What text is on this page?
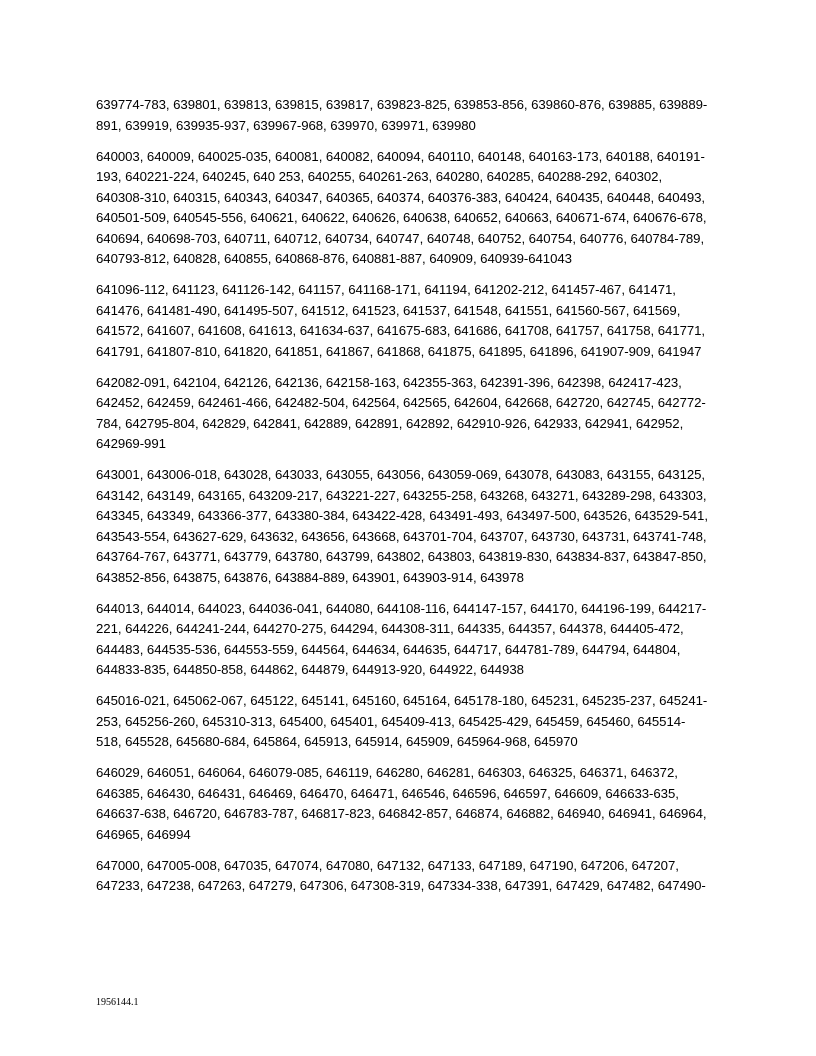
639774-783, 639801, 639813, 639815, 639817, 639823-825, 639853-856, 639860-876, 639885, 639889-
891, 639919, 639935-937, 639967-968, 639970, 639971, 639980

640003, 640009, 640025-035, 640081, 640082, 640094, 640110, 640148, 640163-173, 640188, 640191-
193, 640221-224, 640245, 640 253, 640255, 640261-263, 640280, 640285, 640288-292, 640302,
640308-310, 640315, 640343, 640347, 640365, 640374, 640376-383, 640424, 640435, 640448, 640493,
640501-509, 640545-556, 640621, 640622, 640626, 640638, 640652, 640663, 640671-674, 640676-678,
640694, 640698-703, 640711, 640712, 640734, 640747, 640748, 640752, 640754, 640776, 640784-789,
640793-812, 640828, 640855, 640868-876, 640881-887, 640909, 640939-641043

641096-112, 641123, 641126-142, 641157, 641168-171, 641194, 641202-212, 641457-467, 641471,
641476, 641481-490, 641495-507, 641512, 641523, 641537, 641548, 641551, 641560-567, 641569,
641572, 641607, 641608, 641613, 641634-637, 641675-683, 641686, 641708, 641757, 641758, 641771,
641791, 641807-810, 641820, 641851, 641867, 641868, 641875, 641895, 641896, 641907-909, 641947

642082-091, 642104, 642126, 642136, 642158-163, 642355-363, 642391-396, 642398, 642417-423,
642452, 642459, 642461-466, 642482-504, 642564, 642565, 642604, 642668, 642720, 642745, 642772-
784, 642795-804, 642829, 642841, 642889, 642891, 642892, 642910-926, 642933, 642941, 642952,
642969-991

643001, 643006-018, 643028, 643033, 643055, 643056, 643059-069, 643078, 643083, 643155, 643125,
643142, 643149, 643165, 643209-217, 643221-227, 643255-258, 643268, 643271, 643289-298, 643303,
643345, 643349, 643366-377, 643380-384, 643422-428, 643491-493, 643497-500, 643526, 643529-541,
643543-554, 643627-629, 643632, 643656, 643668, 643701-704, 643707, 643730, 643731, 643741-748,
643764-767, 643771, 643779, 643780, 643799, 643802, 643803, 643819-830, 643834-837, 643847-850,
643852-856, 643875, 643876, 643884-889, 643901, 643903-914, 643978

644013, 644014, 644023, 644036-041, 644080, 644108-116, 644147-157, 644170, 644196-199, 644217-
221, 644226, 644241-244, 644270-275, 644294, 644308-311, 644335, 644357, 644378, 644405-472,
644483, 644535-536, 644553-559, 644564, 644634, 644635, 644717, 644781-789, 644794, 644804,
644833-835, 644850-858, 644862, 644879, 644913-920, 644922, 644938

645016-021, 645062-067, 645122, 645141, 645160, 645164, 645178-180, 645231, 645235-237, 645241-
253, 645256-260, 645310-313, 645400, 645401, 645409-413, 645425-429, 645459, 645460, 645514-
518, 645528, 645680-684, 645864, 645913, 645914, 645909, 645964-968, 645970

646029, 646051, 646064, 646079-085, 646119, 646280, 646281, 646303, 646325, 646371, 646372,
646385, 646430, 646431, 646469, 646470, 646471, 646546, 646596, 646597, 646609, 646633-635,
646637-638, 646720, 646783-787, 646817-823, 646842-857, 646874, 646882, 646940, 646941, 646964,
646965, 646994

647000, 647005-008, 647035, 647074, 647080, 647132, 647133, 647189, 647190, 647206, 647207,
647233, 647238, 647263, 647279, 647306, 647308-319, 647334-338, 647391, 647429, 647482, 647490-

1956144.1
